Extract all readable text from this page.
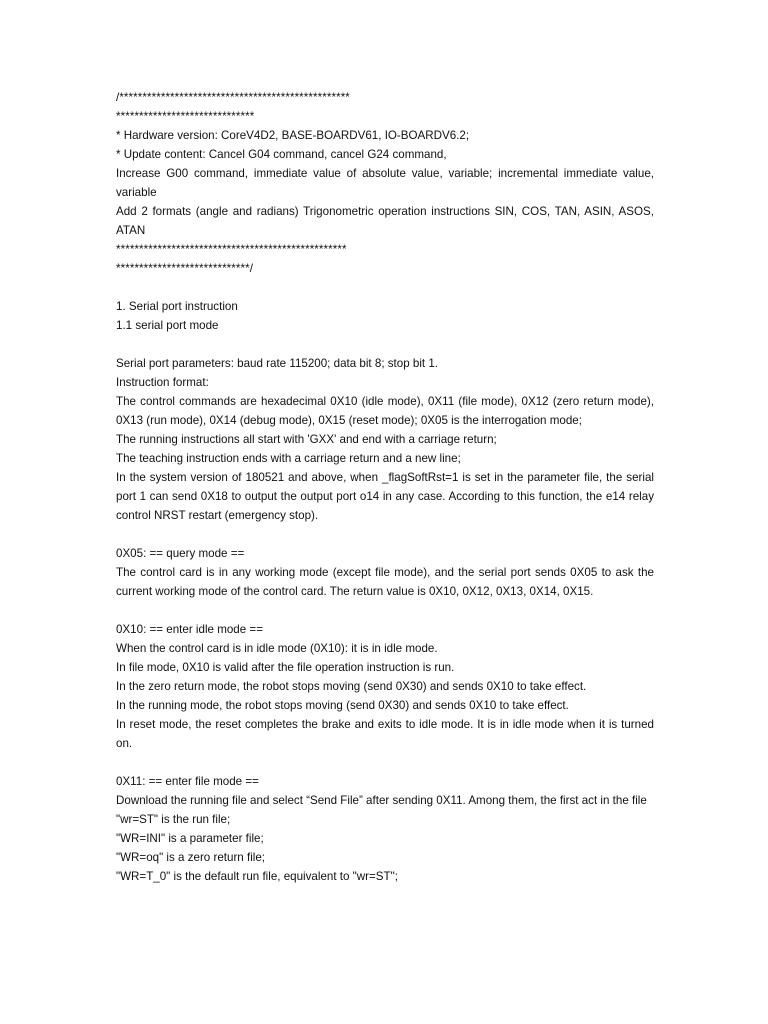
/**************************************************

******************************

* Hardware version: CoreV4D2, BASE-BOARDV61, IO-BOARDV6.2;

* Update content: Cancel G04 command, cancel G24 command,

Increase G00 command, immediate value of absolute value, variable; incremental immediate value, variable

Add 2 formats (angle and radians) Trigonometric operation instructions SIN, COS, TAN, ASIN, ASOS, ATAN

**************************************************

*****************************/

1. Serial port instruction

1.1 serial port mode

Serial port parameters: baud rate 115200; data bit 8; stop bit 1.

Instruction format:

The control commands are hexadecimal 0X10 (idle mode), 0X11 (file mode), 0X12 (zero return mode), 0X13 (run mode), 0X14 (debug mode), 0X15 (reset mode); 0X05 is the interrogation mode;

The running instructions all start with 'GXX' and end with a carriage return;

The teaching instruction ends with a carriage return and a new line;

In the system version of 180521 and above, when _flagSoftRst=1 is set in the parameter file, the serial port 1 can send 0X18 to output the output port o14 in any case. According to this function, the e14 relay control NRST restart (emergency stop).

0X05: == query mode ==

The control card is in any working mode (except file mode), and the serial port sends 0X05 to ask the current working mode of the control card. The return value is 0X10, 0X12, 0X13, 0X14, 0X15.

0X10: == enter idle mode ==

When the control card is in idle mode (0X10): it is in idle mode.

In file mode, 0X10 is valid after the file operation instruction is run.

In the zero return mode, the robot stops moving (send 0X30) and sends 0X10 to take effect.

In the running mode, the robot stops moving (send 0X30) and sends 0X10 to take effect.

In reset mode, the reset completes the brake and exits to idle mode. It is in idle mode when it is turned on.

0X11: == enter file mode ==

Download the running file and select “Send File” after sending 0X11. Among them, the first act in the file

"wr=ST" is the run file;

"WR=INI" is a parameter file;

"WR=oq" is a zero return file;

"WR=T_0" is the default run file, equivalent to "wr=ST";
